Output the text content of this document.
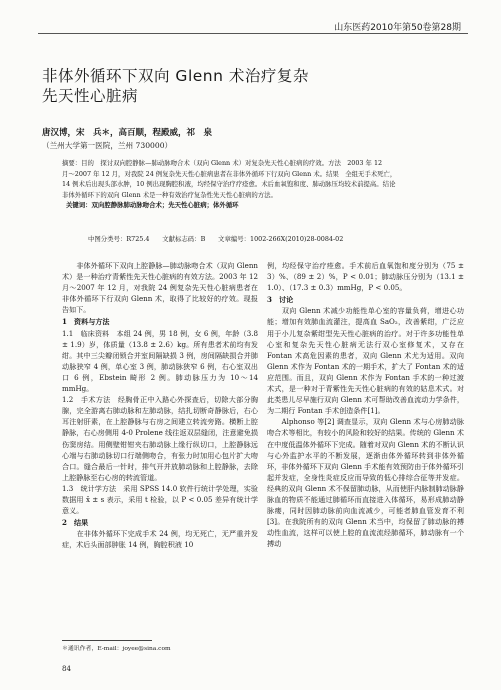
山东医药2010年第50卷第28期
非体外循环下双向 Glenn 术治疗复杂
先天性心脏病
唐汉博，宋　兵＊，高百顺，程殿威，祁　泉
（兰州大学第一医院，兰州 730000）

摘要：目的　探讨双向腔静脉—肺动脉吻合术（双向 Glenn 术）对复杂先天性心脏病的疗效。方法　2003 年 12

月～2007 年 12 月，对我院 24 例复杂先天性心脏病患者在非体外循环下行双向 Glenn 术。结果　全组无手术死亡，

14 例术后出现头部水肿，10 例出现胸腔积液，均经保守治疗疗痊愈。术后血氧饱和度、肺动脉压均较术前提高。结论

非体外循环下的双向 Glenn 术是一种有效治疗复杂性先天性心脏病的方法。

关键词：双向腔静脉肺动脉吻合术；先天性心脏病；体外循环

中图分类号：R725.4　　文献标志码：B　　文章编号：1002-266X(2010)28-0084-02

　　非体外循环下双向上腔静脉—肺动脉吻合术（双向 Glenn 术）是一种治疗青紫性先天性心脏病的有效方法。2003 年 12 月～2007 年 12 月，对我院 24 例复杂先天性心脏病患者在非体外循环下行双向 Glenn 术，取得了比较好的疗效。现报告如下。

1　资料与方法

1.1　临床资料　本组 24 例，男 18 例，女 6 例，年龄（3.8 ± 1.9）岁，体质量（13.8 ± 2.6）kg。所有患者术前均有发绀。其中三尖瓣闭锁合并室间隔缺损 3 例，房间隔缺损合并肺动脉狭窄 4 例，单心室 3 例，肺动脉狭窄 6 例，右心室双出口 6 例，Ebstein 畸形 2 例。肺动脉压力为 10～14 mmHg。

1.2　手术方法　经胸骨正中入路心外探查后，切除大部分胸腺，完全游离右肺动脉和左肺动脉，结扎切断奇静脉后，右心耳注射肝素，在上腔静脉与右房之间建立转流旁路。横断上腔静脉，右心房侧用 4-0 Prolene 线往返双层缝闭，注意避免损伤窦房结。用侧壁钳钳夹右肺动脉上缘行纵切口，上腔静脉远心端与右肺动脉切口行端侧吻合，有张力时加用心包片扩大吻合口。缝合最后一针时，排气开并放肺动脉和上腔静脉，去除上腔静脉至右心房的转流管道。

1.3　统计学方法　采用 SPSS 14.0 软件行统计学处理，实验数据用 x̄ ± s 表示，采用 t 检验，以 P < 0.05 差异有统计学意义。

2　结果

　　在非体外循环下完成手术 24 例，均无死亡，无严重并发症，术后头面部肿胀 14 例，胸腔积液 10

例，均经保守治疗痊愈。手术前后血氧饱和度分别为（75 ± 3）%、（89 ± 2）%，P < 0.01；肺动脉压分别为（13.1 ± 1.0）、（17.3 ± 0.3）mmHg，P < 0.05。

3　讨论

　　双向 Glenn 术减少功能性单心室的容量负荷，增进心功能；增加有效肺血流灌注，提高血 SaO₂，改善紫绀，广泛应用于小儿复杂紫绀型先天性心脏病的治疗。对于许多功能性单心室和复杂先天性心脏病无法行双心室修复术，又存在 Fontan 术高危因素的患者，双向 Glenn 术尤为适用。双向 Glenn 术作为 Fontan 术的一期手术，扩大了 Fontan 术的适应范围。而且，双向 Glenn 术作为 Fontan 手术的一种过渡术式，是一种对于青紫性先天性心脏病的有效的姑息术式。对此类患儿尽早施行双向 Glenn 术可帮助改善血流动力学条件，为二期行 Fontan 手术创造条件[1]。

　　Alphonso 等[2] 调查显示，双向 Glenn 术与心房肺动脉吻合术等相比，有较小的风险和较好的结果。传统的 Glenn 术在中度低温体外循环下完成。随着对双向 Glenn 术的不断认识与心外监护水平的不断发展，逐渐由体外循环转到非体外循环，非体外循环下双向 Glenn 手术能有效预防由于体外循环引起并发症，全身性炎症反应而导致的低心排综合征等并发症。经典的双向 Glenn 术不保留肺动脉，从而使肝内脉制肺动脉静脉血的物质不能通过肺循环而直接进入体循环，易形成肺动静脉瘘，同时因肺动脉前向血流减少，可能者肺血管发育不利[3]。在我院所有的双向 Glenn 术当中，均保留了肺动脉的搏动性血流，这样可以使上腔的血流流经肺循环，肺动脉有一个搏动

＊通讯作者，E-mail：joyee@sina.com
84
